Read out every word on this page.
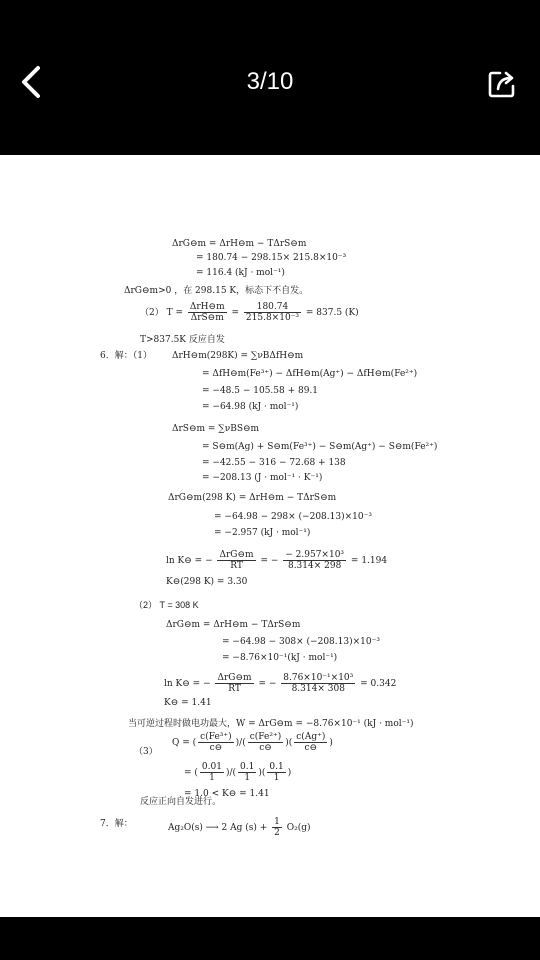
3/10
ΔrG⊖m = ΔrH⊖m − TΔrS⊖m
= 180.74 − 298.15× 215.8×10⁻³
= 116.4 (kJ · mol⁻¹)
ΔrG⊖m>0 ，在 298.15 K，标态下不自发。
（2） $T = \frac{\text{ΔrH⊖m}}{\text{ΔrS⊖m}} = \frac{180.74}{\text{215.8×10⁻³}} = 837.5$ (K)
T>837.5K 反应自发
6．解：（1） ΔrH⊖m(298K) = ∑νBΔfH⊖m
= ΔfH⊖m(Fe³⁺) − ΔfH⊖m(Ag⁺) − ΔfH⊖m(Fe²⁺)
= −48.5 − 105.58 + 89.1
= −64.98 (kJ · mol⁻¹)
ΔrS⊖m = ∑νBS⊖m
= S⊖m(Ag) + S⊖m(Fe³⁺) − S⊖m(Ag⁺) − S⊖m(Fe²⁺)
= −42.55 − 316 − 72.68 + 138
= −208.13 (J · mol⁻¹ · K⁻¹)
ΔrG⊖m(298 K) = ΔrH⊖m − TΔrS⊖m
= −64.98 − 298× (−208.13)×10⁻³
= −2.957 (kJ · mol⁻¹)
ln K⊖ = − $\frac{\text{ΔrG⊖m}}{RT}$ = − $\frac{\text{− 2.957×10³}}{8.314\times 298} = 1.194$
K⊖(298 K) = 3.30
（2） T = 308 K
ΔrG⊖m = ΔrH⊖m − TΔrS⊖m
= −64.98 − 308× (−208.13)×10⁻³
= −8.76×10⁻¹(kJ · mol⁻¹)
ln K⊖ = − $\frac{\text{ΔrG⊖m}}{RT}$ = − $\frac{\text{8.76×10⁻¹×10³}}{8.314\times 308} = 0.342$
K⊖ = 1.41
当可逆过程时做电功最大，W = ΔrG⊖m = −8.76×10⁻¹ (kJ · mol⁻¹)
Q = ( $\frac{\text{c(Fe³⁺)}}{c⊖}$ )/( $\frac{\text{c(Fe²⁺)}}{c⊖}$ )( $\frac{c(Ag^+)}{c⊖}$ )
（3）
= ( $\frac{0.01}{1}$ )/( $\frac{0.1}{1}$ )( $\frac{0.1}{1}$ )
= 1.0 < K⊖ = 1.41
反应正向自发进行。
7．解：	Ag₂O(s) ⟶ 2 Ag $(s) + \frac{1}{2} O_2(g)$
